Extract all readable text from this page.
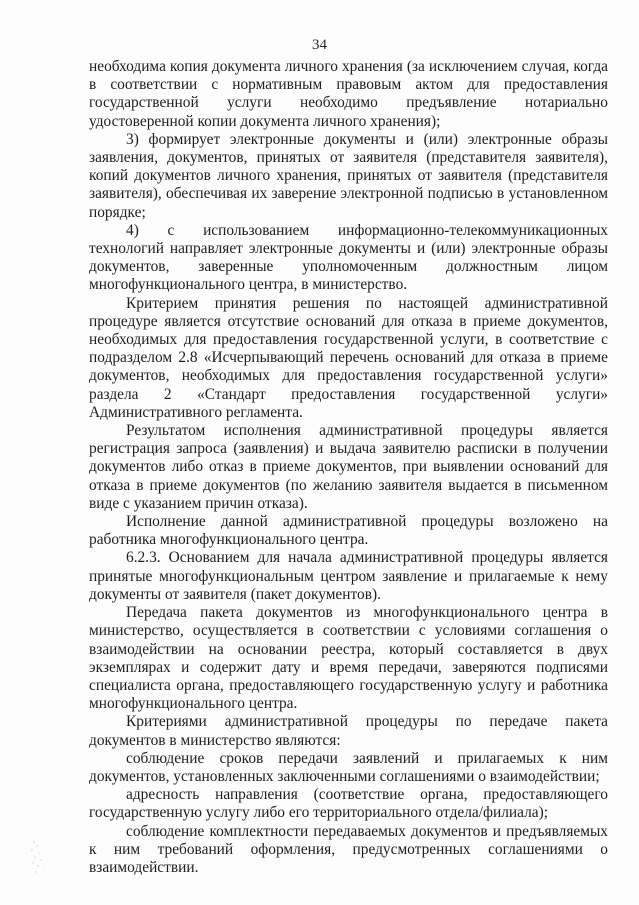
34

необходима копия документа личного хранения (за исключением случая, когда в соответствии с нормативным правовым актом для предоставления государственной услуги необходимо предъявление нотариально удостоверенной копии документа личного хранения);

3) формирует электронные документы и (или) электронные образы заявления, документов, принятых от заявителя (представителя заявителя), копий документов личного хранения, принятых от заявителя (представителя заявителя), обеспечивая их заверение электронной подписью в установленном порядке;

4) с использованием информационно-телекоммуникационных технологий направляет электронные документы и (или) электронные образы документов, заверенные уполномоченным должностным лицом многофункционального центра, в министерство.

Критерием принятия решения по настоящей административной процедуре является отсутствие оснований для отказа в приеме документов, необходимых для предоставления государственной услуги, в соответствие с подразделом 2.8 «Исчерпывающий перечень оснований для отказа в приеме документов, необходимых для предоставления государственной услуги» раздела 2 «Стандарт предоставления государственной услуги» Административного регламента.

Результатом исполнения административной процедуры является регистрация запроса (заявления) и выдача заявителю расписки в получении документов либо отказ в приеме документов, при выявлении оснований для отказа в приеме документов (по желанию заявителя выдается в письменном виде с указанием причин отказа).

Исполнение данной административной процедуры возложено на работника многофункционального центра.

6.2.3. Основанием для начала административной процедуры является принятые многофункциональным центром заявление и прилагаемые к нему документы от заявителя (пакет документов).

Передача пакета документов из многофункционального центра в министерство, осуществляется в соответствии с условиями соглашения о взаимодействии на основании реестра, который составляется в двух экземплярах и содержит дату и время передачи, заверяются подписями специалиста органа, предоставляющего государственную услугу и работника многофункционального центра.

Критериями административной процедуры по передаче пакета документов в министерство являются:

соблюдение сроков передачи заявлений и прилагаемых к ним документов, установленных заключенными соглашениями о взаимодействии;

адресность направления (соответствие органа, предоставляющего государственную услугу либо его территориального отдела/филиала);

соблюдение комплектности передаваемых документов и предъявляемых к ним требований оформления, предусмотренных соглашениями о взаимодействии.
